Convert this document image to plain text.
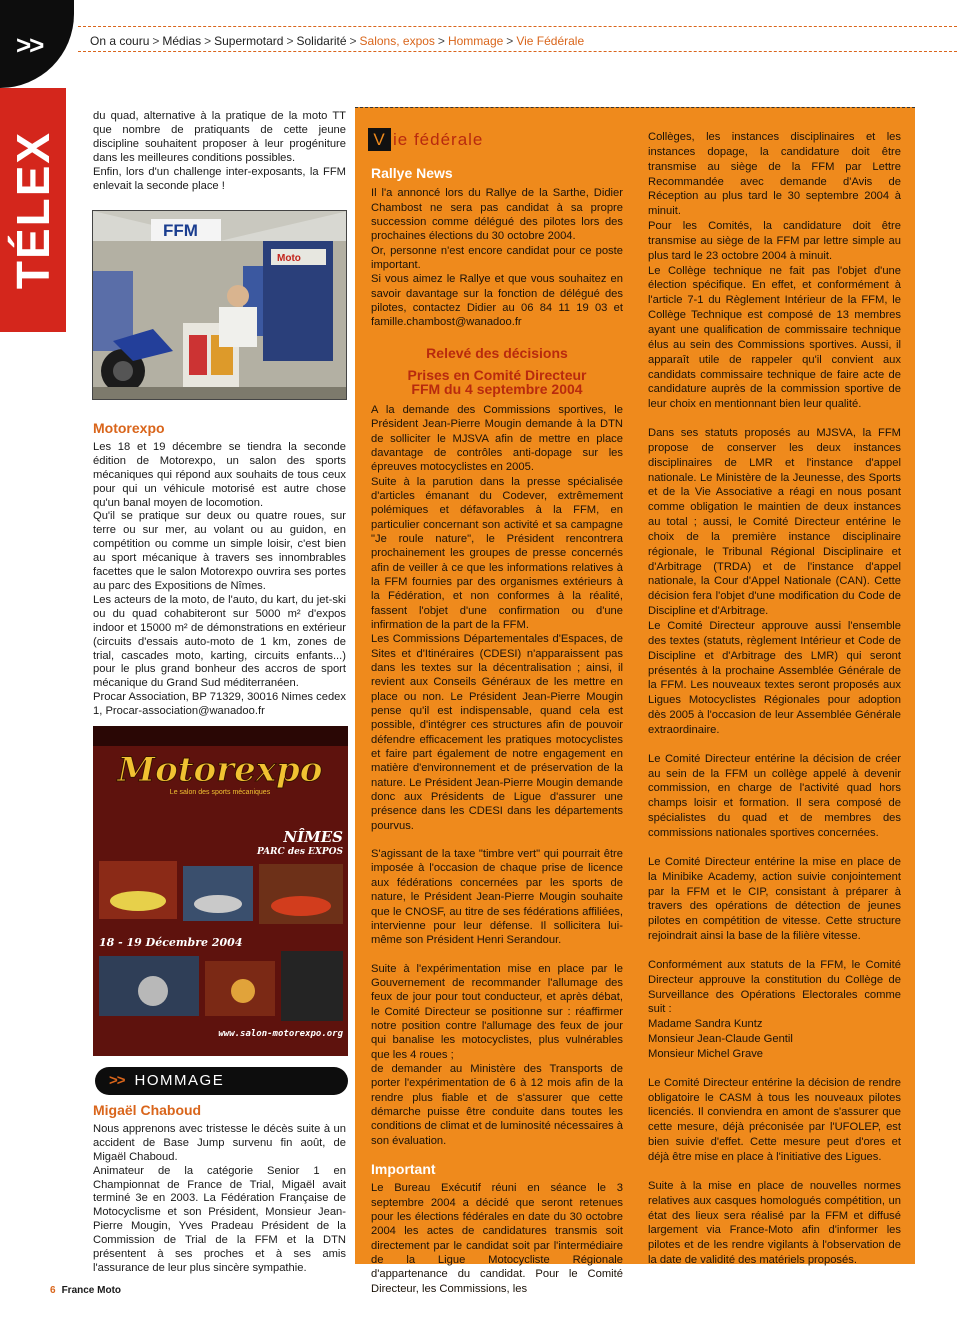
>>	On a couru > Médias > Supermotard > Solidarité > Salons, expos > Hommage > Vie Fédérale
TÉLEX

du quad, alternative à la pratique de la moto TT que nombre de pratiquants de cette jeune discipline souhaitent proposer à leur progéniture dans les meilleures conditions possibles.

Enfin, lors d'un challenge inter-exposants, la FFM enlevait la seconde place !

FFM
Moto
Motorexpo

Les 18 et 19 décembre se tiendra la seconde édition de Motorexpo, un salon des sports mécaniques qui répond aux souhaits de tous ceux pour qui un véhicule motorisé est autre chose qu'un banal moyen de locomotion.

Qu'il se pratique sur deux ou quatre roues, sur terre ou sur mer, au volant ou au guidon, en compétition ou comme un simple loisir, c'est bien au sport mécanique à travers ses innombrables facettes que le salon Motorexpo ouvrira ses portes au parc des Expositions de Nîmes.

Les acteurs de la moto, de l'auto, du kart, du jet-ski ou du quad cohabiteront sur 5000 m² d'expos indoor et 15000 m² de démonstrations en extérieur (circuits d'essais auto-moto de 1 km, zones de trial, cascades moto, karting, circuits enfants...) pour le plus grand bonheur des accros de sport mécanique du Grand Sud méditerranéen.

Procar Association, BP 71329, 30016 Nimes cedex 1, Procar-association@wanadoo.fr

Motorexpo
Le salon des sports mécaniques
NÎMES
PARC des EXPOS
18 - 19 Décembre 2004
www.salon-motorexpo.org
>> HOMMAGE
Migaël Chaboud

Nous apprenons avec tristesse le décès suite à un accident de Base Jump survenu fin août, de Migaël Chaboud.

Animateur de la catégorie Senior 1 en Championnat de France de Trial, Migaël avait terminé 3e en 2003. La Fédération Française de Motocyclisme et son Président, Monsieur Jean-Pierre Mougin, Yves Pradeau Président de la Commission de Trial de la FFM et la DTN présentent à ses proches et à ses amis l'assurance de leur plus sincère sympathie.

V ie fédérale
Rallye News

Il l'a annoncé lors du Rallye de la Sarthe, Didier Chambost ne sera pas candidat à sa propre succession comme délégué des pilotes lors des prochaines élections du 30 octobre 2004.

Or, personne n'est encore candidat pour ce poste important.

Si vous aimez le Rallye et que vous souhaitez en savoir davantage sur la fonction de délégué des pilotes, contactez Didier au 06 84 11 19 03 et famille.chambost@wanadoo.fr

Relevé des décisions
Prises en Comité Directeur
FFM du 4 septembre 2004

A la demande des Commissions sportives, le Président Jean-Pierre Mougin demande à la DTN de solliciter le MJSVA afin de mettre en place davantage de contrôles anti-dopage sur les épreuves motocyclistes en 2005.

Suite à la parution dans la presse spécialisée d'articles émanant du Codever, extrêmement polémiques et défavorables à la FFM, en particulier concernant son activité et sa campagne "Je roule nature", le Président rencontrera prochainement les groupes de presse concernés afin de veiller à ce que les informations relatives à la FFM fournies par des organismes extérieurs à la Fédération, et non conformes à la réalité, fassent l'objet d'une confirmation ou d'une infirmation de la part de la FFM.

Les Commissions Départementales d'Espaces, de Sites et d'Itinéraires (CDESI) n'apparaissent pas dans les textes sur la décentralisation ; ainsi, il revient aux Conseils Généraux de les mettre en place ou non. Le Président Jean-Pierre Mougin pense qu'il est indispensable, quand cela est possible, d'intégrer ces structures afin de pouvoir défendre efficacement les pratiques motocyclistes et faire part également de notre engagement en matière d'environnement et de préservation de la nature. Le Président Jean-Pierre Mougin demande donc aux Présidents de Ligue d'assurer une présence dans les CDESI dans les départements pourvus.

S'agissant de la taxe "timbre vert" qui pourrait être imposée à l'occasion de chaque prise de licence aux fédérations concernées par les sports de nature, le Président Jean-Pierre Mougin souhaite que le CNOSF, au titre de ses fédérations affiliées, intervienne pour leur défense. Il sollicitera lui-même son Président Henri Serandour.

Suite à l'expérimentation mise en place par le Gouvernement de recommander l'allumage des feux de jour pour tout conducteur, et après débat, le Comité Directeur se positionne sur : réaffirmer notre position contre l'allumage des feux de jour qui banalise les motocyclistes, plus vulnérables que les 4 roues ;

de demander au Ministère des Transports de porter l'expérimentation de 6 à 12 mois afin de la rendre plus fiable et de s'assurer que cette démarche puisse être conduite dans toutes les conditions de climat et de luminosité nécessaires à son évaluation.

Important

Le Bureau Exécutif réuni en séance le 3 septembre 2004 a décidé que seront retenues pour les élections fédérales en date du 30 octobre 2004 les actes de candidatures transmis soit directement par le candidat soit par l'intermédiaire de la Ligue Motocycliste Régionale d'appartenance du candidat. Pour le Comité Directeur, les Commissions, les

Collèges, les instances disciplinaires et les instances dopage, la candidature doit être transmise au siège de la FFM par Lettre Recommandée avec demande d'Avis de Réception au plus tard le 30 septembre 2004 à minuit.

Pour les Comités, la candidature doit être transmise au siège de la FFM par lettre simple au plus tard le 23 octobre 2004 à minuit.

Le Collège technique ne fait pas l'objet d'une élection spécifique. En effet, et conformément à l'article 7-1 du Règlement Intérieur de la FFM, le Collège Technique est composé de 13 membres ayant une qualification de commissaire technique élus au sein des Commissions sportives. Aussi, il apparaît utile de rappeler qu'il convient aux candidats commissaire technique de faire acte de candidature auprès de la commission sportive de leur choix en mentionnant bien leur qualité.

Dans ses statuts proposés au MJSVA, la FFM propose de conserver les deux instances disciplinaires de LMR et l'instance d'appel nationale. Le Ministère de la Jeunesse, des Sports et de la Vie Associative a réagi en nous posant comme obligation le maintien de deux instances au total ; aussi, le Comité Directeur entérine le choix de la première instance disciplinaire régionale, le Tribunal Régional Disciplinaire et d'Arbitrage (TRDA) et de l'instance d'appel nationale, la Cour d'Appel Nationale (CAN). Cette décision fera l'objet d'une modification du Code de Discipline et d'Arbitrage.

Le Comité Directeur approuve aussi l'ensemble des textes (statuts, règlement Intérieur et Code de Discipline et d'Arbitrage des LMR) qui seront présentés à la prochaine Assemblée Générale de la FFM. Les nouveaux textes seront proposés aux Ligues Motocyclistes Régionales pour adoption dès 2005 à l'occasion de leur Assemblée Générale extraordinaire.

Le Comité Directeur entérine la décision de créer au sein de la FFM un collège appelé à devenir commission, en charge de l'activité quad hors champs loisir et formation. Il sera composé de spécialistes du quad et de membres des commissions nationales sportives concernées.

Le Comité Directeur entérine la mise en place de la Minibike Academy, action suivie conjointement par la FFM et le CIP, consistant à préparer à travers des opérations de détection de jeunes pilotes en compétition de vitesse. Cette structure rejoindrait ainsi la base de la filière vitesse.

Conformément aux statuts de la FFM, le Comité Directeur approuve la constitution du Collège de Surveillance des Opérations Electorales comme suit :

Madame Sandra Kuntz

Monsieur Jean-Claude Gentil

Monsieur Michel Grave

Le Comité Directeur entérine la décision de rendre obligatoire le CASM à tous les nouveaux pilotes licenciés. Il conviendra en amont de s'assurer que cette mesure, déjà préconisée par l'UFOLEP, est bien suivie d'effet. Cette mesure peut d'ores et déjà être mise en place à l'initiative des Ligues.

Suite à la mise en place de nouvelles normes relatives aux casques homologués compétition, un état des lieux sera réalisé par la FFM et diffusé largement via France-Moto afin d'informer les pilotes et de les rendre vigilants à l'observation de la date de validité des matériels proposés.

6 France Moto
